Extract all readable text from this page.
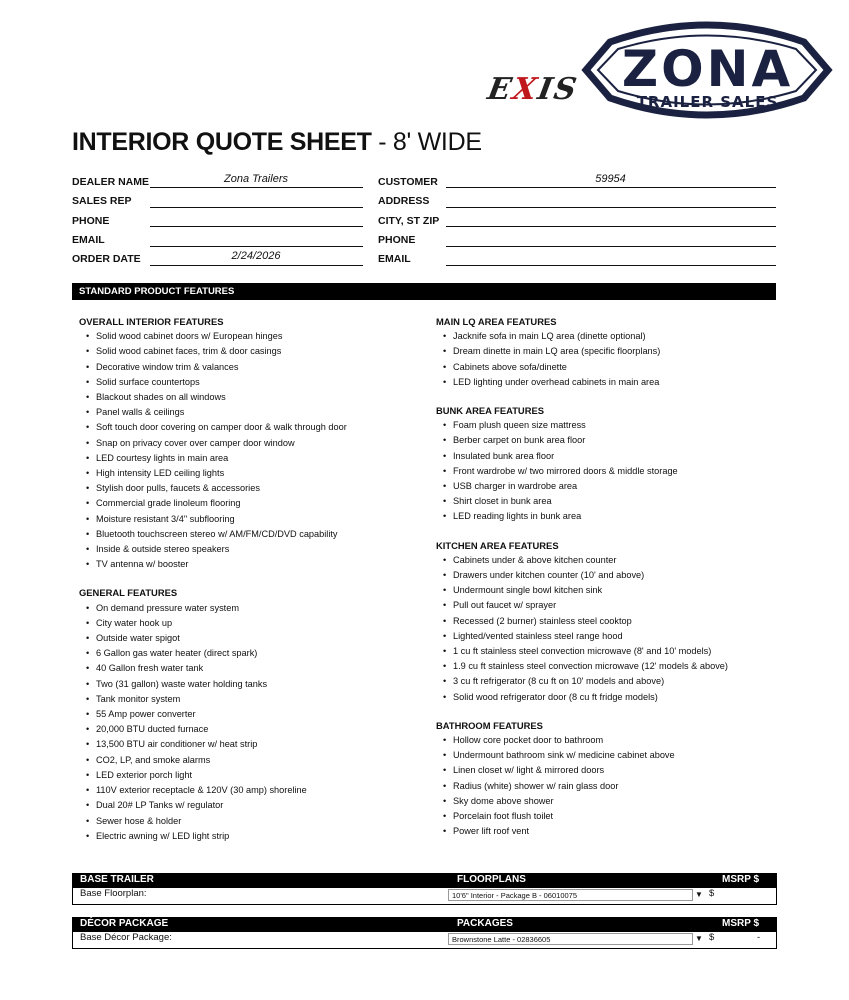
EXIS ZONA
TRAILER SALES
INTERIOR QUOTE SHEET - 8' WIDE
DEALER NAME	Zona Trailers
SALES REP
PHONE
EMAIL
ORDER DATE	2/24/2026
CUSTOMER	59954
ADDRESS
CITY, ST ZIP
PHONE
EMAIL
STANDARD PRODUCT FEATURES
OVERALL INTERIOR FEATURES
• Solid wood cabinet doors w/ European hinges
• Solid wood cabinet faces, trim & door casings
• Decorative window trim & valances
• Solid surface countertops
• Blackout shades on all windows
• Panel walls & ceilings
• Soft touch door covering on camper door & walk through door
• Snap on privacy cover over camper door window
• LED courtesy lights in main area
• High intensity LED ceiling lights
• Stylish door pulls, faucets & accessories
• Commercial grade linoleum flooring
• Moisture resistant 3/4" subflooring
• Bluetooth touchscreen stereo w/ AM/FM/CD/DVD capability
• Inside & outside stereo speakers
• TV antenna w/ booster
GENERAL FEATURES
• On demand pressure water system
• City water hook up
• Outside water spigot
• 6 Gallon gas water heater (direct spark)
• 40 Gallon fresh water tank
• Two (31 gallon) waste water holding tanks
• Tank monitor system
• 55 Amp power converter
• 20,000 BTU ducted furnace
• 13,500 BTU air conditioner w/ heat strip
• CO2, LP, and smoke alarms
• LED exterior porch light
• 110V exterior receptacle & 120V (30 amp) shoreline
• Dual 20# LP Tanks w/ regulator
• Sewer hose & holder
• Electric awning w/ LED light strip
MAIN LQ AREA FEATURES
• Jacknife sofa in main LQ area (dinette optional)
• Dream dinette in main LQ area (specific floorplans)
• Cabinets above sofa/dinette
• LED lighting under overhead cabinets in main area
BUNK AREA FEATURES
• Foam plush queen size mattress
• Berber carpet on bunk area floor
• Insulated bunk area floor
• Front wardrobe w/ two mirrored doors & middle storage
• USB charger in wardrobe area
• Shirt closet in bunk area
• LED reading lights in bunk area
KITCHEN AREA FEATURES
• Cabinets under & above kitchen counter
• Drawers under kitchen counter (10' and above)
• Undermount single bowl kitchen sink
• Pull out faucet w/ sprayer
• Recessed (2 burner) stainless steel cooktop
• Lighted/vented stainless steel range hood
• 1 cu ft stainless steel convection microwave (8' and 10' models)
• 1.9 cu ft stainless steel convection microwave (12' models & above)
• 3 cu ft refrigerator (8 cu ft on 10' models and above)
• Solid wood refrigerator door (8 cu ft fridge models)
BATHROOM FEATURES
• Hollow core pocket door to bathroom
• Undermount bathroom sink w/ medicine cabinet above
• Linen closet w/ light & mirrored doors
• Radius (white) shower w/ rain glass door
• Sky dome above shower
• Porcelain foot flush toilet
• Power lift roof vent
BASE TRAILER	FLOORPLANS	MSRP $
Base Floorplan:	10'6" Interior - Package B - 06010075	▼ $
DÉCOR PACKAGE	PACKAGES	MSRP $
Base Décor Package:	Brownstone Latte - 02836605	▼ $	-
